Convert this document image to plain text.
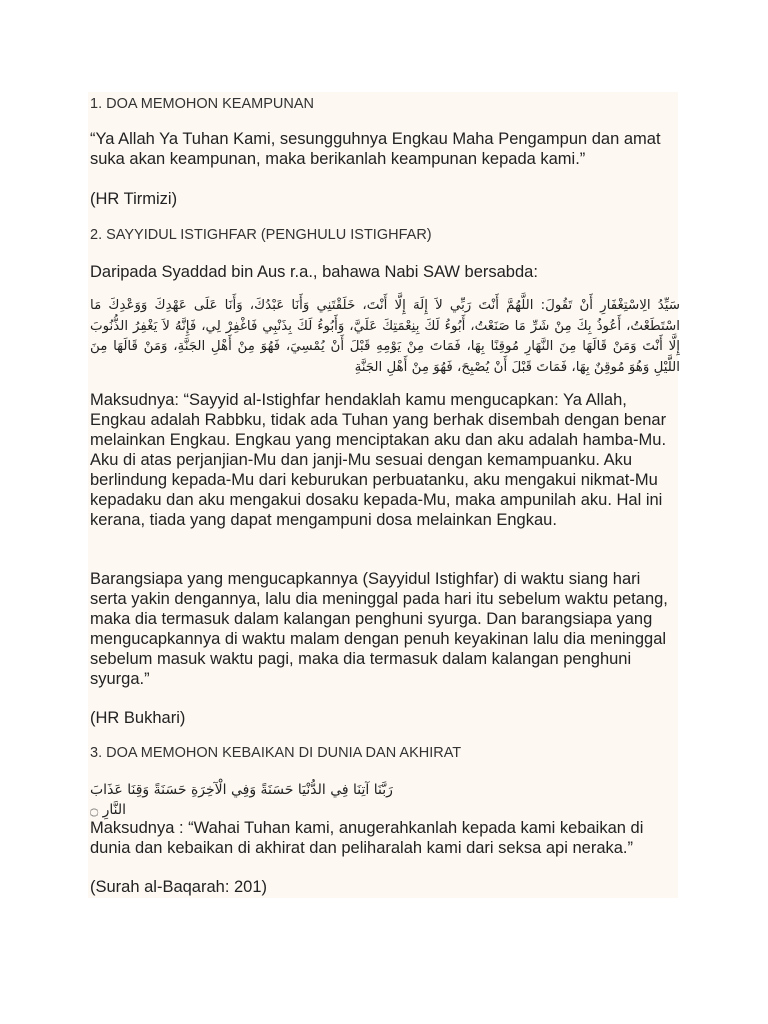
1. DOA MEMOHON KEAMPUNAN

“Ya Allah Ya Tuhan Kami, sesungguhnya Engkau Maha Pengampun dan amat suka akan keampunan, maka berikanlah keampunan kepada kami.”

(HR Tirmizi)

2. SAYYIDUL ISTIGHFAR (PENGHULU ISTIGHFAR)

Daripada Syaddad bin Aus r.a., bahawa Nabi SAW bersabda:

سَيِّدُ الِاسْتِغْفَارِ أَنْ تَقُولَ: اللَّهُمَّ أَنْتَ رَبِّي لاَ إِلَهَ إِلَّا أَنْتَ، خَلَقْتَنِي وَأَنَا عَبْدُكَ، وَأَنَا عَلَى عَهْدِكَ وَوَعْدِكَ مَا اسْتَطَعْتُ، أَعُوذُ بِكَ مِنْ شَرِّ مَا صَنَعْتُ، أَبُوءُ لَكَ بِنِعْمَتِكَ عَلَيَّ، وَأَبُوءُ لَكَ بِذَنْبِي فَاغْفِرْ لِي، فَإِنَّهُ لاَ يَغْفِرُ الذُّنُوبَ إِلَّا أَنْتَ وَمَنْ قَالَهَا مِنَ النَّهَارِ مُوقِنًا بِهَا، فَمَاتَ مِنْ يَوْمِهِ قَبْلَ أَنْ يُمْسِيَ، فَهُوَ مِنْ أَهْلِ الجَنَّةِ، وَمَنْ قَالَهَا مِنَ اللَّيْلِ وَهُوَ مُوقِنٌ بِهَا، فَمَاتَ قَبْلَ أَنْ يُصْبِحَ، فَهُوَ مِنْ أَهْلِ الجَنَّةِ

Maksudnya: “Sayyid al-Istighfar hendaklah kamu mengucapkan: Ya Allah, Engkau adalah Rabbku, tidak ada Tuhan yang berhak disembah dengan benar melainkan Engkau. Engkau yang menciptakan aku dan aku adalah hamba-Mu. Aku di atas perjanjian-Mu dan janji-Mu sesuai dengan kemampuanku. Aku berlindung kepada-Mu dari keburukan perbuatanku, aku mengakui nikmat-Mu kepadaku dan aku mengakui dosaku kepada-Mu, maka ampunilah aku. Hal ini kerana, tiada yang dapat mengampuni dosa melainkan Engkau.

Barangsiapa yang mengucapkannya (Sayyidul Istighfar) di waktu siang hari serta yakin dengannya, lalu dia meninggal pada hari itu sebelum waktu petang, maka dia termasuk dalam kalangan penghuni syurga. Dan barangsiapa yang mengucapkannya di waktu malam dengan penuh keyakinan lalu dia meninggal sebelum masuk waktu pagi, maka dia termasuk dalam kalangan penghuni syurga.”

(HR Bukhari)

3. DOA MEMOHON KEBAIKAN DI DUNIA DAN AKHIRAT

رَبَّنَا آتِنَا فِي الدُّنْيَا حَسَنَةً وَفِي الْآخِرَةِ حَسَنَةً وَقِنَا عَذَابَ النَّارِ ۝

Maksudnya : “Wahai Tuhan kami, anugerahkanlah kepada kami kebaikan di dunia dan kebaikan di akhirat dan peliharalah kami dari seksa api neraka.”

(Surah al-Baqarah: 201)
